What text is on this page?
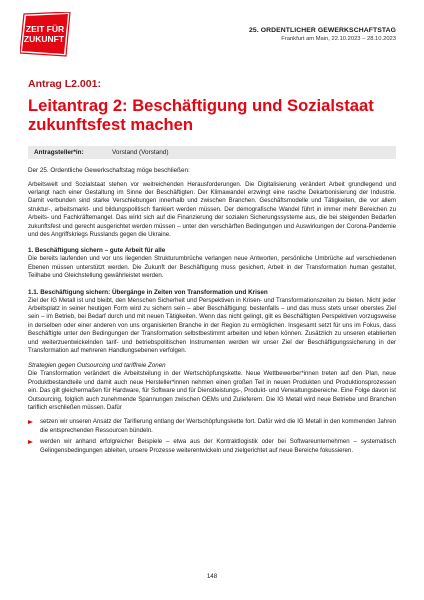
ZEIT FÜR
ZUKUNFT
25. ORDENTLICHER GEWERKSCHAFTSTAG
Frankfurt am Main, 22.10.2023 – 28.10.2023
Antrag L2.001:
Leitantrag 2: Beschäftigung und Sozialstaat zukunftsfest machen
Antragsteller*in:	Vorstand (Vorstand)
Der 25. Ordentliche Gewerkschaftstag möge beschließen:

Arbeitswelt und Sozialstaat stehen vor weitreichenden Herausforderungen. Die Digitalisierung verändert Arbeit grundlegend und verlangt nach einer Gestaltung im Sinne der Beschäftigten. Der Klimawandel erzwingt eine rasche Dekarbonisierung der Industrie. Damit verbunden sind starke Verschiebungen innerhalb und zwischen Branchen. Geschäftsmodelle und Tätigkeiten, die vor allem struktur-, arbeitsmarkt- und bildungspolitisch flankiert werden müssen. Der demografische Wandel führt in immer mehr Bereichen zu Arbeits- und Fachkräftemangel. Das wirkt sich auf die Finanzierung der sozialen Sicherungssysteme aus, die bei steigenden Bedarfen zukunftsfest und gerecht ausgerichtet werden müssen – unter den verschärften Bedingungen und Auswirkungen der Corona-Pandemie und des Angriffskriegs Russlands gegen die Ukraine.

1. Beschäftigung sichern – gute Arbeit für alle

Die bereits laufenden und vor uns liegenden Strukturumbrüche verlangen neue Antworten, persönliche Umbrüche auf verschiedenen Ebenen müssen unterstützt werden. Die Zukunft der Beschäftigung muss gesichert, Arbeit in der Transformation human gestaltet, Teilhabe und Gleichstellung gewährleistet werden.

1.1. Beschäftigung sichern: Übergänge in Zeiten von Transformation und Krisen

Ziel der IG Metall ist und bleibt, den Menschen Sicherheit und Perspektiven in Krisen- und Transformationszeiten zu bieten. Nicht jeder Arbeitsplatz in seiner heutigen Form wird zu sichern sein – aber Beschäftigung: bestenfalls – und das muss stets unser oberstes Ziel sein – im Betrieb, bei Bedarf durch und mit neuen Tätigkeiten. Wenn das nicht gelingt, gilt es Beschäftigten Perspektiven vorzugsweise in derselben oder einer anderen von uns organisierten Branche in der Region zu ermöglichen. Insgesamt setzt für uns im Fokus, dass Beschäftigte unter den Bedingungen der Transformation selbstbestimmt arbeiten und leben können. Zusätzlich zu unseren etablierten und weiterzuentwickelnden tarif- und betriebspolitischen Instrumenten werden wir unser Ziel der Beschäftigungssicherung in der Transformation auf mehreren Handlungsebenen verfolgen.

Strategien gegen Outsourcing und tariffreie Zonen

Die Transformation verändert die Arbeitsteilung in der Wertschöpfungskette. Neue Wettbewerber*innen treten auf den Plan, neue Produktbestandteile und damit auch neue Hersteller*innen nehmen einen großen Teil in neuen Produkten und Produktionsprozessen ein. Das gilt gleichermaßen für Hardware, für Software und für Dienstleistungs-, Produkt- und Verwaltungsbereiche. Eine Folge davon ist Outsourcing, folglich auch zunehmende Spannungen zwischen OEMs und Zulieferern. Die IG Metall wird neue Betriebe und Branchen tariflich erschließen müssen. Dafür

setzen wir unseren Ansatz der Tarifierung entlang der Wertschöpfungskette fort. Dafür wird die IG Metall in den kommenden Jahren die entsprechenden Ressourcen bündeln.
werden wir anhand erfolgreicher Beispiele – etwa aus der Kontraktlogistik oder bei Softwareunternehmen – systematisch Gelingensbedingungen ableiten, unsere Prozesse weiterentwickeln und zielgerichtet auf neue Bereiche fokussieren.
148
